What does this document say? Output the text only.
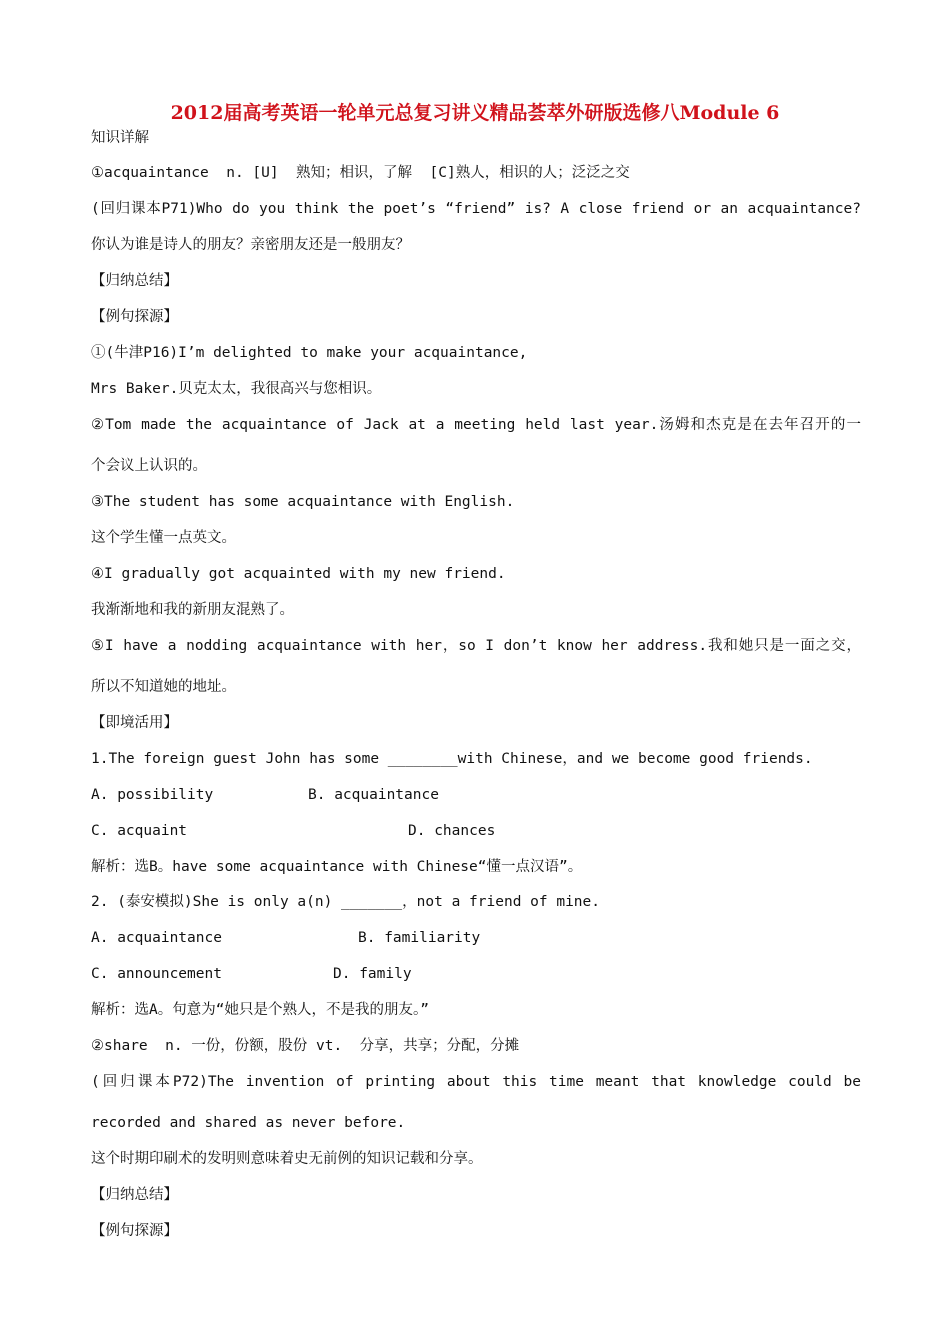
2012届高考英语一轮单元总复习讲义精品荟萃外研版选修八Module 6
知识详解
①acquaintance  n. [U]  熟知；相识，了解  [C]熟人，相识的人；泛泛之交
(回归课本P71)Who do you think the poet’s “friend” is? A close friend or an acquaintance?
你认为谁是诗人的朋友？亲密朋友还是一般朋友？
【归纳总结】
【例句探源】
①(牛津P16)I’m delighted to make your acquaintance,
Mrs Baker.贝克太太，我很高兴与您相识。
②Tom made the acquaintance of Jack at a meeting held last year.汤姆和杰克是在去年召开的一
个会议上认识的。
③The student has some acquaintance with English.
这个学生懂一点英文。
④I gradually got acquainted with my new friend.
我渐渐地和我的新朋友混熟了。
⑤I have a nodding acquaintance with her，so I don’t know her address.我和她只是一面之交，
所以不知道她的地址。
【即境活用】
1.The foreign guest John has some ________with Chinese，and we become good friends.
A. possibility	B. acquaintance
C. acquaint	D. chances
解析：选B。have some acquaintance with Chinese“懂一点汉语”。
2. (泰安模拟)She is only a(n) _______，not a friend of mine.
A. acquaintance	B. familiarity
C. announcement	D. family
解析：选A。句意为“她只是个熟人，不是我的朋友。”
②share  n. 一份，份额，股份 vt.  分享，共享；分配，分摊
(回归课本P72)The invention of printing about this time meant that knowledge could be
recorded and shared as never before.
这个时期印刷术的发明则意味着史无前例的知识记载和分享。
【归纳总结】
【例句探源】
